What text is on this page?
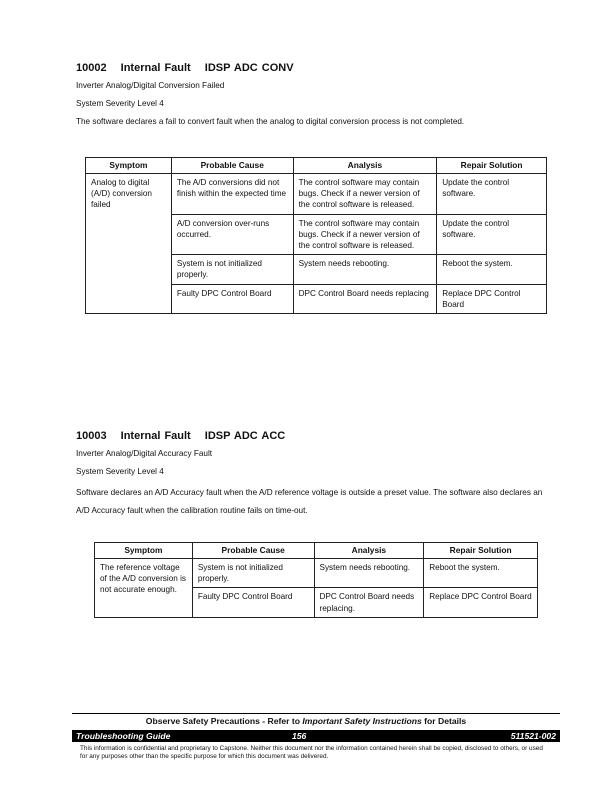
10002 Internal Fault IDSP ADC CONV

Inverter Analog/Digital Conversion Failed

System Severity Level 4

The software declares a fail to convert fault when the analog to digital conversion process is not completed.

Symptom	Probable Cause	Analysis	Repair Solution
Analog to digital (A/D) conversion failed	The A/D conversions did not finish within the expected time	The control software may contain bugs. Check if a newer version of the control software is released.	Update the control software.
	A/D conversion over-runs occurred.	The control software may contain bugs. Check if a newer version of the control software is released.	Update the control software.
	System is not initialized properly.	System needs rebooting.	Reboot the system.
	Faulty DPC Control Board	DPC Control Board needs replacing	Replace DPC Control Board
10003 Internal Fault IDSP ADC ACC

Inverter Analog/Digital Accuracy Fault

System Severity Level 4

Software declares an A/D Accuracy fault when the A/D reference voltage is outside a preset value. The software also declares an A/D Accuracy fault when the calibration routine fails on time-out.

Symptom	Probable Cause	Analysis	Repair Solution
The reference voltage of the A/D conversion is not accurate enough.	System is not initialized properly.	System needs rebooting.	Reboot the system.
	Faulty DPC Control Board	DPC Control Board needs replacing.	Replace DPC Control Board
Observe Safety Precautions - Refer to Important Safety Instructions for Details
Troubleshooting Guide	156	511521-002
This information is confidential and proprietary to Capstone. Neither this document nor the information contained herein shall be copied, disclosed to others, or used for any purposes other than the specific purpose for which this document was delivered.
